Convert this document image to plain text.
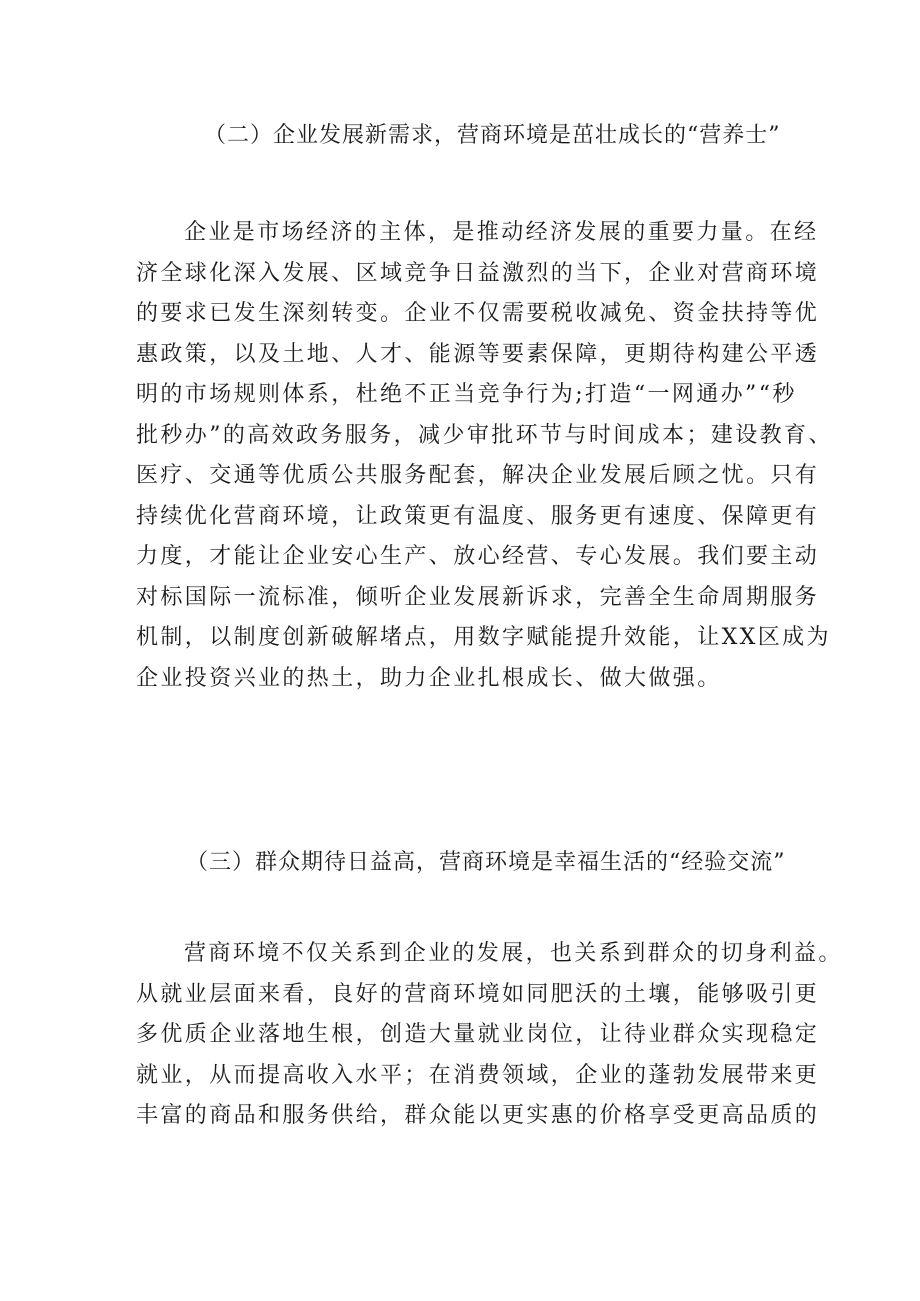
（二）企业发展新需求，营商环境是茁壮成长的“营养士”
企业是市场经济的主体，是推动经济发展的重要力量。在经
济全球化深入发展、区域竞争日益激烈的当下，企业对营商环境
的要求已发生深刻转变。企业不仅需要税收减免、资金扶持等优
惠政策，以及土地、人才、能源等要素保障，更期待构建公平透
明的市场规则体系，杜绝不正当竞争行为;打造“一网通办”“秒
批秒办”的高效政务服务，减少审批环节与时间成本；建设教育、
医疗、交通等优质公共服务配套，解决企业发展后顾之忧。只有
持续优化营商环境，让政策更有温度、服务更有速度、保障更有
力度，才能让企业安心生产、放心经营、专心发展。我们要主动
对标国际一流标准，倾听企业发展新诉求，完善全生命周期服务
机制，以制度创新破解堵点，用数字赋能提升效能，让XX区成为
企业投资兴业的热土，助力企业扎根成长、做大做强。
（三）群众期待日益高，营商环境是幸福生活的“经验交流”
营商环境不仅关系到企业的发展，也关系到群众的切身利益。
从就业层面来看，良好的营商环境如同肥沃的土壤，能够吸引更
多优质企业落地生根，创造大量就业岗位，让待业群众实现稳定
就业，从而提高收入水平；在消费领域，企业的蓬勃发展带来更
丰富的商品和服务供给，群众能以更实惠的价格享受更高品质的
